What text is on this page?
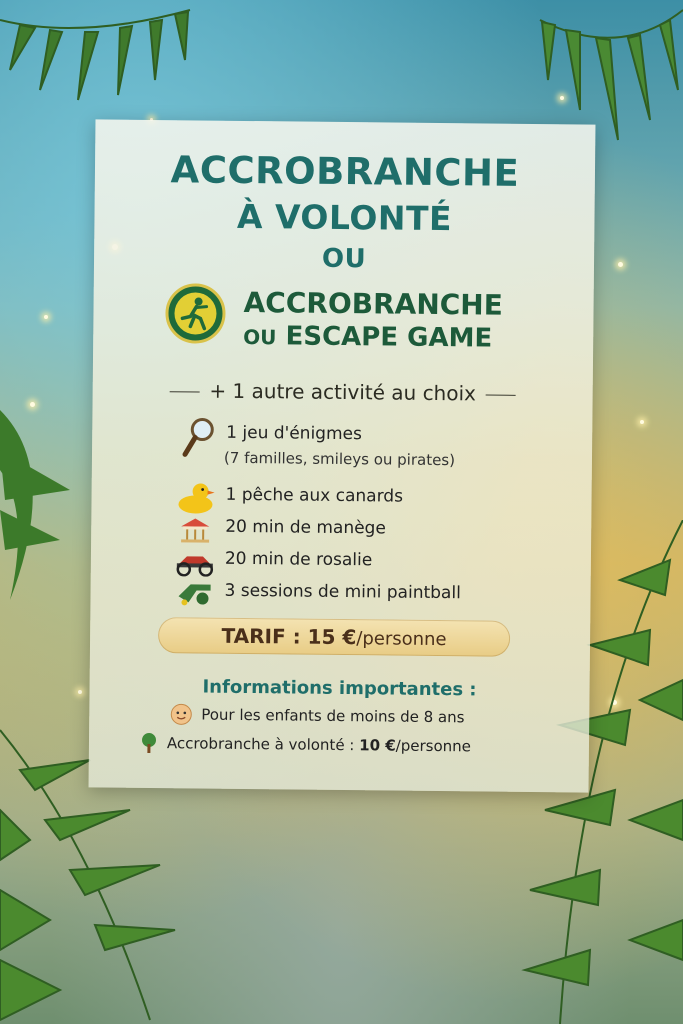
ACCROBRANCHE
À VOLONTÉ
OU
ACCROBRANCHE
OU ESCAPE GAME
+ 1 autre activité au choix
1 jeu d'énigmes
(7 familles, smileys ou pirates)
1 pêche aux canards
20 min de manège
20 min de rosalie
3 sessions de mini paintball
TARIF : 15 €/personne
Informations importantes :
Pour les enfants de moins de 8 ans
Accrobranche à volonté : 10 €/personne
